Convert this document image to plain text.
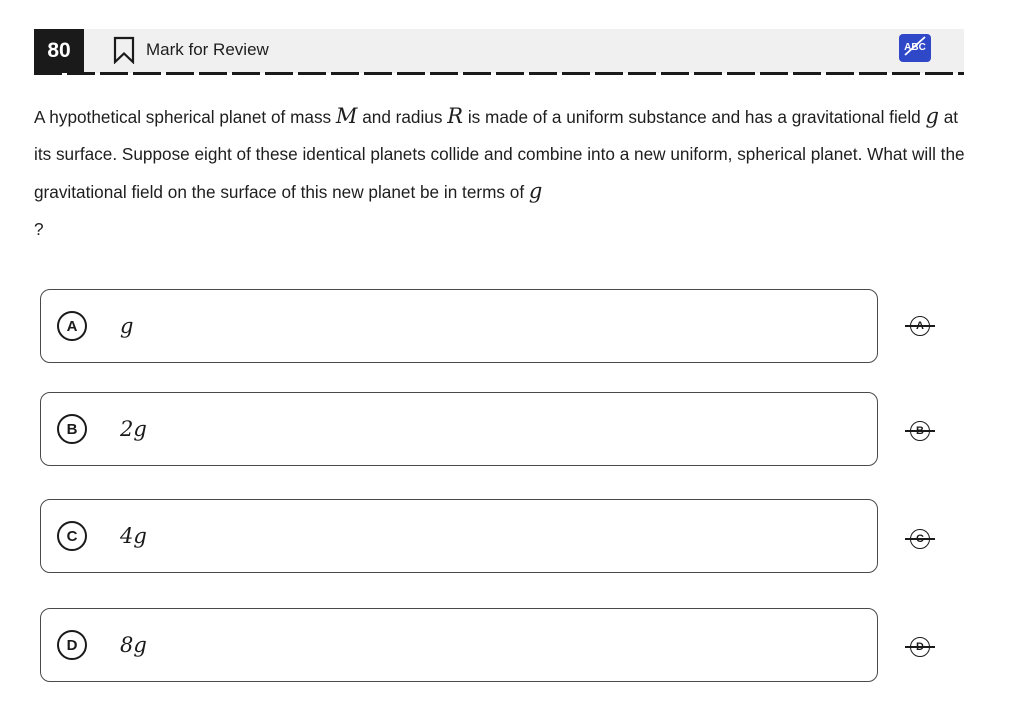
80	Mark for Review	ABC
A hypothetical spherical planet of mass M and radius R is made of a uniform substance and has a gravitational field g at its surface. Suppose eight of these identical planets collide and combine into a new uniform, spherical planet. What will the gravitational field on the surface of this new planet be in terms of g
?
A	g
B	2g
C	4g
D	8g
